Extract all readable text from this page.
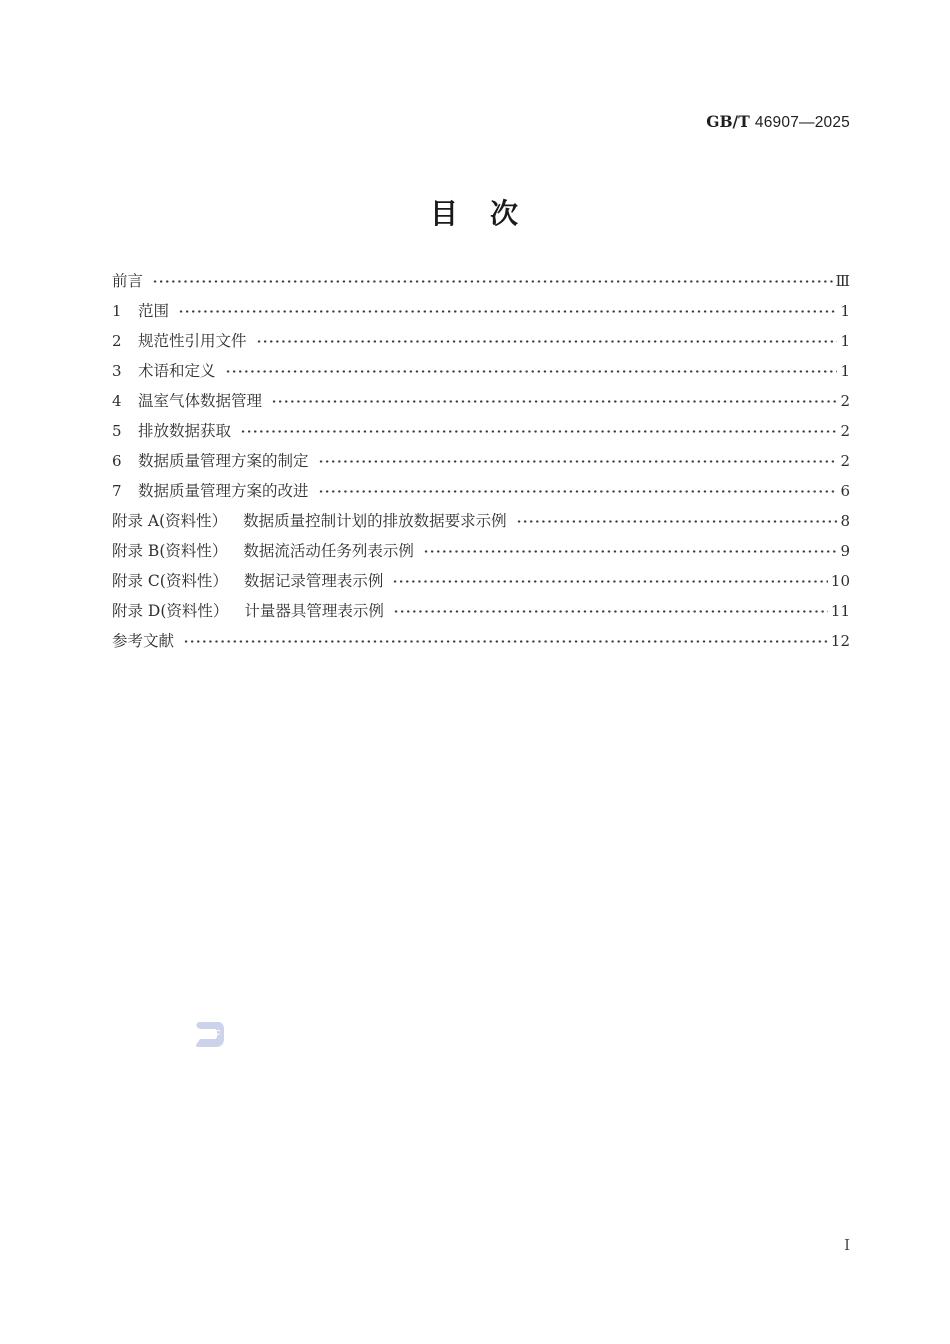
GB/T 46907—2025
目　次
前言	Ⅲ
1	范围	1
2	规范性引用文件	1
3	术语和定义	1
4	温室气体数据管理	2
5	排放数据获取	2
6	数据质量管理方案的制定	2
7	数据质量管理方案的改进	6
附录 A(资料性）	数据质量控制计划的排放数据要求示例	8
附录 B(资料性）	数据流活动任务列表示例	9
附录 C(资料性）	数据记录管理表示例	10
附录 D(资料性）	计量器具管理表示例	11
参考文献	12
SAC
I
